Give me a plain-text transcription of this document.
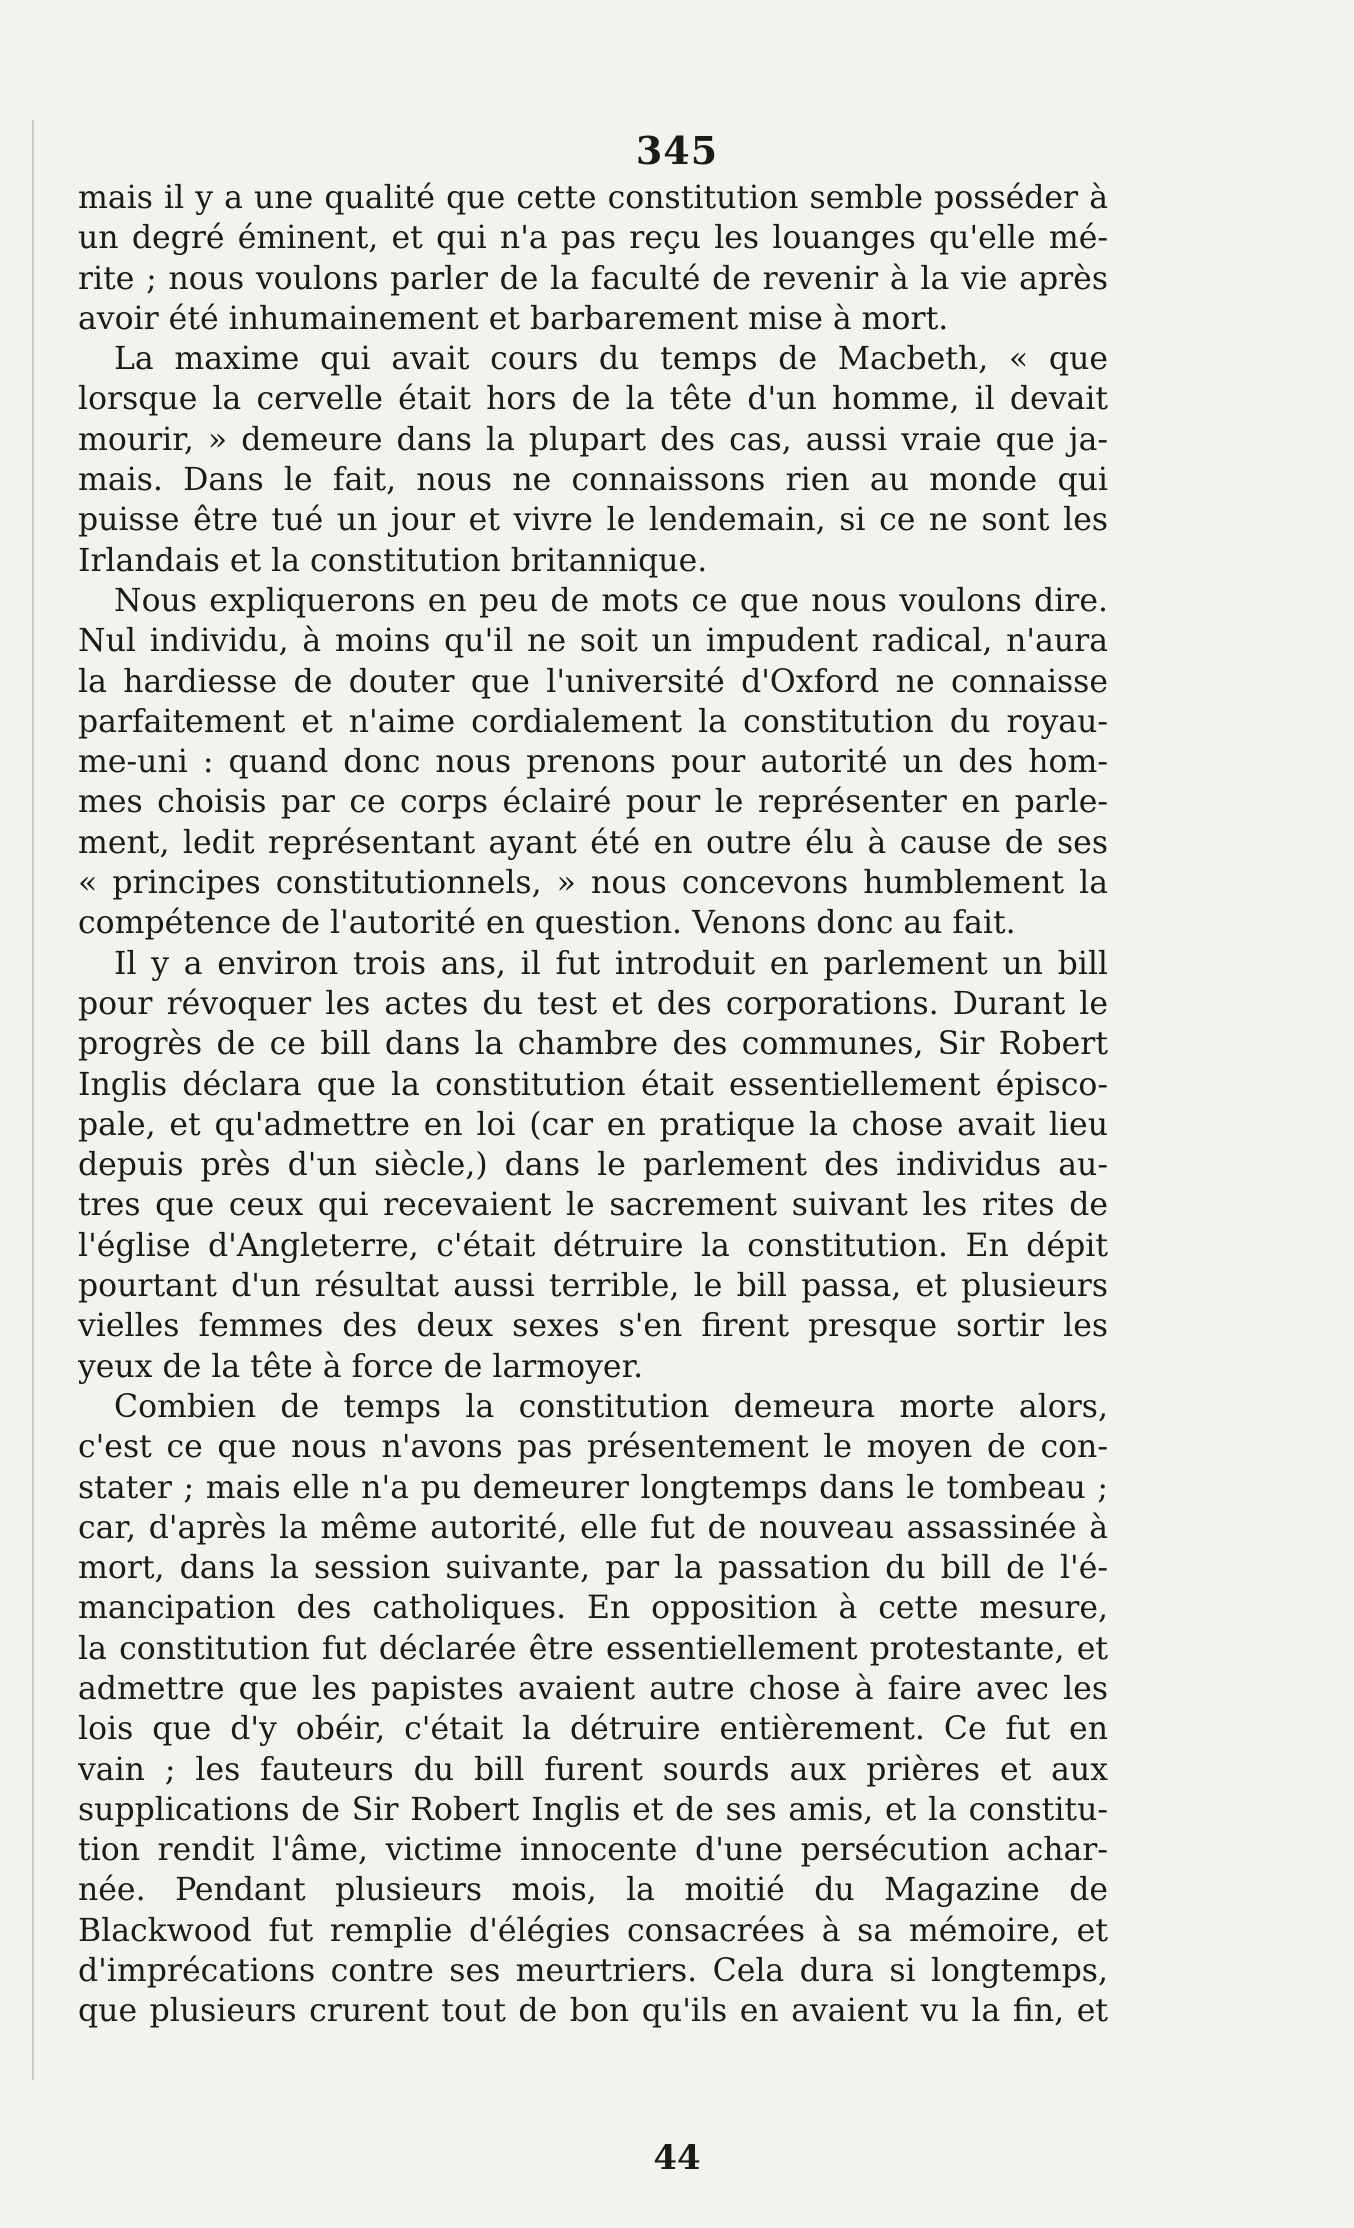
345
mais il y a une qualité que cette constitution semble posséder à
un degré éminent, et qui n'a pas reçu les louanges qu'elle mé-
rite ; nous voulons parler de la faculté de revenir à la vie après
avoir été inhumainement et barbarement mise à mort.
La maxime qui avait cours du temps de Macbeth, « que
lorsque la cervelle était hors de la tête d'un homme, il devait
mourir, » demeure dans la plupart des cas, aussi vraie que ja-
mais. Dans le fait, nous ne connaissons rien au monde qui
puisse être tué un jour et vivre le lendemain, si ce ne sont les
Irlandais et la constitution britannique.
Nous expliquerons en peu de mots ce que nous voulons dire.
Nul individu, à moins qu'il ne soit un impudent radical, n'aura
la hardiesse de douter que l'université d'Oxford ne connaisse
parfaitement et n'aime cordialement la constitution du royau-
me-uni : quand donc nous prenons pour autorité un des hom-
mes choisis par ce corps éclairé pour le représenter en parle-
ment, ledit représentant ayant été en outre élu à cause de ses
« principes constitutionnels, » nous concevons humblement la
compétence de l'autorité en question. Venons donc au fait.
Il y a environ trois ans, il fut introduit en parlement un bill
pour révoquer les actes du test et des corporations. Durant le
progrès de ce bill dans la chambre des communes, Sir Robert
Inglis déclara que la constitution était essentiellement épisco-
pale, et qu'admettre en loi (car en pratique la chose avait lieu
depuis près d'un siècle,) dans le parlement des individus au-
tres que ceux qui recevaient le sacrement suivant les rites de
l'église d'Angleterre, c'était détruire la constitution. En dépit
pourtant d'un résultat aussi terrible, le bill passa, et plusieurs
vielles femmes des deux sexes s'en firent presque sortir les
yeux de la tête à force de larmoyer.
Combien de temps la constitution demeura morte alors,
c'est ce que nous n'avons pas présentement le moyen de con-
stater ; mais elle n'a pu demeurer longtemps dans le tombeau ;
car, d'après la même autorité, elle fut de nouveau assassinée à
mort, dans la session suivante, par la passation du bill de l'é-
mancipation des catholiques. En opposition à cette mesure,
la constitution fut déclarée être essentiellement protestante, et
admettre que les papistes avaient autre chose à faire avec les
lois que d'y obéir, c'était la détruire entièrement. Ce fut en
vain ; les fauteurs du bill furent sourds aux prières et aux
supplications de Sir Robert Inglis et de ses amis, et la constitu-
tion rendit l'âme, victime innocente d'une persécution achar-
née. Pendant plusieurs mois, la moitié du Magazine de
Blackwood fut remplie d'élégies consacrées à sa mémoire, et
d'imprécations contre ses meurtriers. Cela dura si longtemps,
que plusieurs crurent tout de bon qu'ils en avaient vu la fin, et
44
